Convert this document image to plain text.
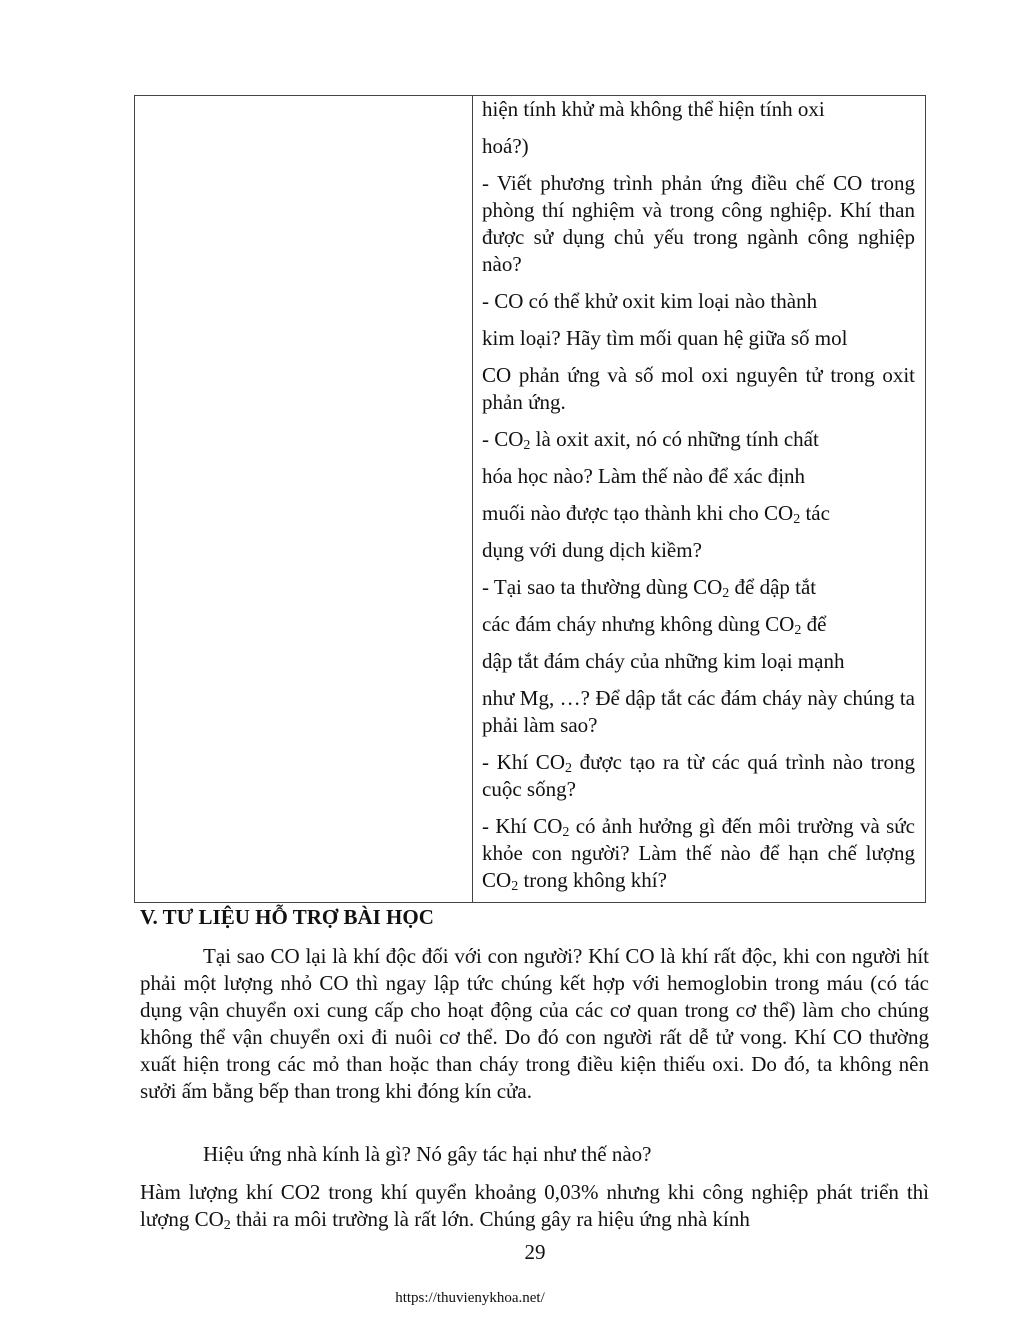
hiện tính khử mà không thể hiện tính oxi

hoá?)

- Viết phương trình phản ứng điều chế CO trong phòng thí nghiệm và trong công nghiệp. Khí than được sử dụng chủ yếu trong ngành công nghiệp nào?

- CO có thể khử oxit kim loại nào thành

kim loại? Hãy tìm mối quan hệ giữa số mol

CO phản ứng và số mol oxi nguyên tử trong oxit phản ứng.

- $CO_2$ là oxit axit, nó có những tính chất

hóa học nào? Làm thế nào để xác định

muối nào được tạo thành khi cho $CO_2$ tác

dụng với dung dịch kiềm?

- Tại sao ta thường dùng $CO_2$ để dập tắt

các đám cháy nhưng không dùng $CO_2$ để

dập tắt đám cháy của những kim loại mạnh

như Mg, …? Để dập tắt các đám cháy này chúng ta phải làm sao?

- Khí $CO_2$ được tạo ra từ các quá trình nào trong cuộc sống?

- Khí $CO_2$ có ảnh hưởng gì đến môi trường và sức khỏe con người? Làm thế nào để hạn chế lượng $CO_2$ trong không khí?

V. TƯ LIỆU HỖ TRỢ BÀI HỌC

Tại sao CO lại là khí độc đối với con người? Khí CO là khí rất độc, khi con người hít phải một lượng nhỏ CO thì ngay lập tức chúng kết hợp với hemoglobin trong máu (có tác dụng vận chuyển oxi cung cấp cho hoạt động của các cơ quan trong cơ thể) làm cho chúng không thể vận chuyển oxi đi nuôi cơ thể. Do đó con người rất dễ tử vong. Khí CO thường xuất hiện trong các mỏ than hoặc than cháy trong điều kiện thiếu oxi. Do đó, ta không nên sưởi ấm bằng bếp than trong khi đóng kín cửa.

Hiệu ứng nhà kính là gì? Nó gây tác hại như thế nào?

Hàm lượng khí CO2 trong khí quyển khoảng 0,03% nhưng khi công nghiệp phát triển thì lượng $CO_2$ thải ra môi trường là rất lớn. Chúng gây ra hiệu ứng nhà kính

29
https://thuvienykhoa.net/
